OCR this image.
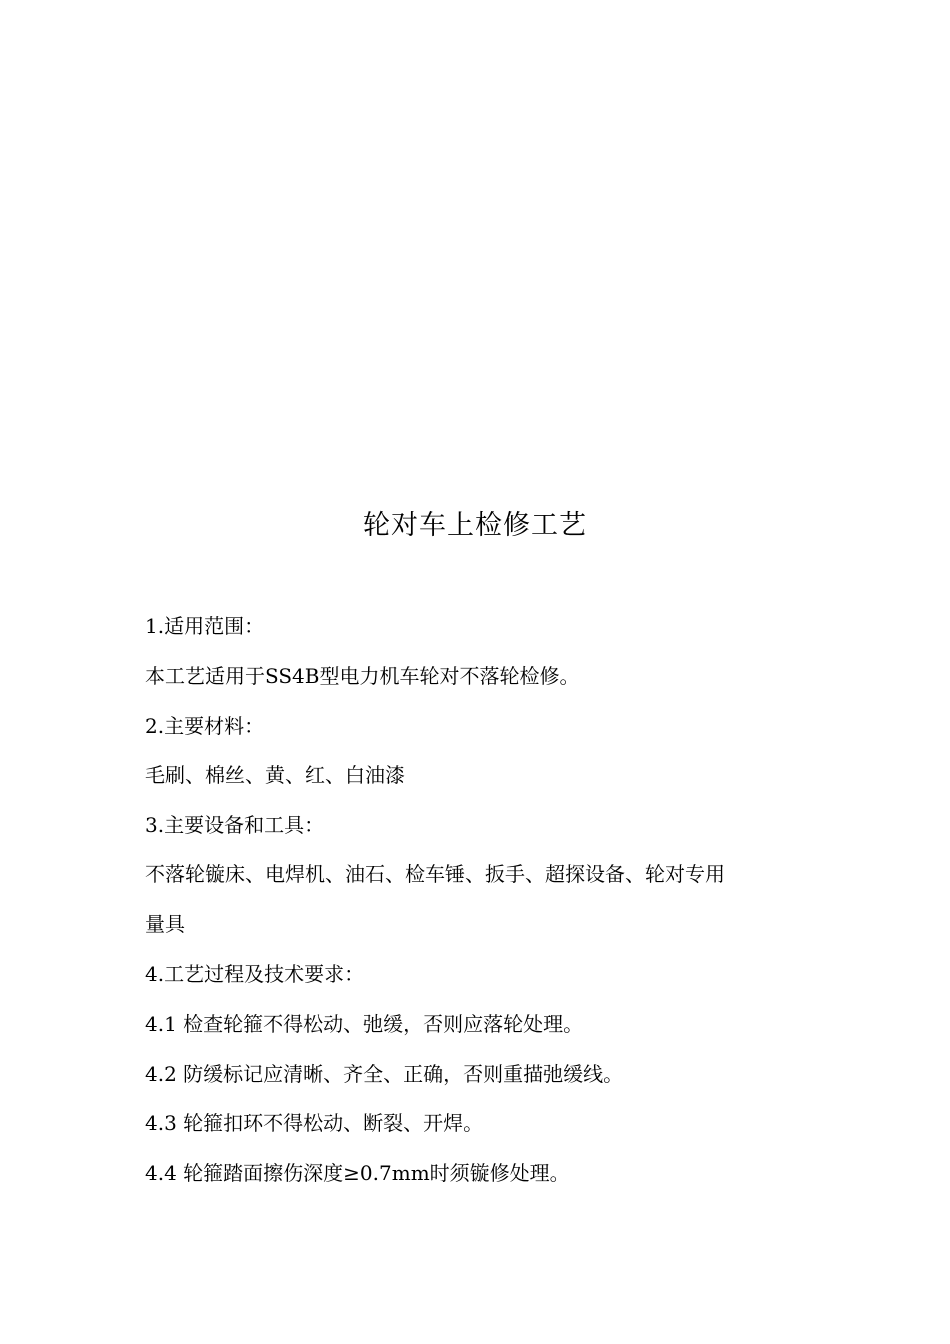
轮对车上检修工艺
1.适用范围：
本工艺适用于SS4B型电力机车轮对不落轮检修。
2.主要材料：
毛刷、棉丝、黄、红、白油漆
3.主要设备和工具：
不落轮镟床、电焊机、油石、检车锤、扳手、超探设备、轮对专用
量具
4.工艺过程及技术要求：
4.1 检查轮箍不得松动、弛缓，否则应落轮处理。
4.2 防缓标记应清晰、齐全、正确，否则重描弛缓线。
4.3 轮箍扣环不得松动、断裂、开焊。
4.4 轮箍踏面擦伤深度≥0.7mm时须镟修处理。
